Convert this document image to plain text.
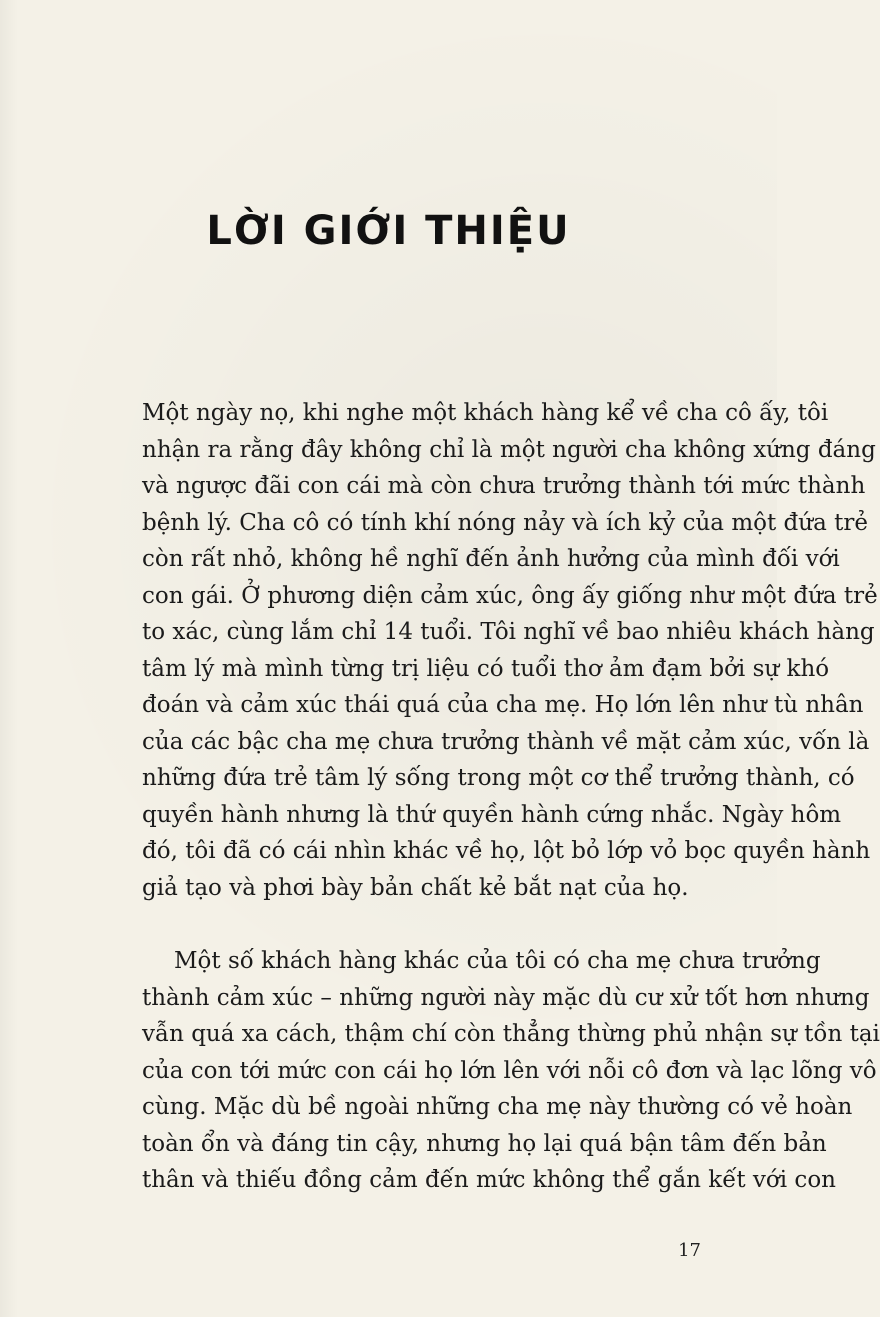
LỜI GIỚI THIỆU
Một ngày nọ, khi nghe một khách hàng kể về cha cô ấy, tôi
nhận ra rằng đây không chỉ là một người cha không xứng đáng
và ngược đãi con cái mà còn chưa trưởng thành tới mức thành
bệnh lý. Cha cô có tính khí nóng nảy và ích kỷ của một đứa trẻ
còn rất nhỏ, không hề nghĩ đến ảnh hưởng của mình đối với
con gái. Ở phương diện cảm xúc, ông ấy giống như một đứa trẻ
to xác, cùng lắm chỉ 14 tuổi. Tôi nghĩ về bao nhiêu khách hàng
tâm lý mà mình từng trị liệu có tuổi thơ ảm đạm bởi sự khó
đoán và cảm xúc thái quá của cha mẹ. Họ lớn lên như tù nhân
của các bậc cha mẹ chưa trưởng thành về mặt cảm xúc, vốn là
những đứa trẻ tâm lý sống trong một cơ thể trưởng thành, có
quyền hành nhưng là thứ quyền hành cứng nhắc. Ngày hôm
đó, tôi đã có cái nhìn khác về họ, lột bỏ lớp vỏ bọc quyền hành
giả tạo và phơi bày bản chất kẻ bắt nạt của họ.
Một số khách hàng khác của tôi có cha mẹ chưa trưởng
thành cảm xúc – những người này mặc dù cư xử tốt hơn nhưng
vẫn quá xa cách, thậm chí còn thẳng thừng phủ nhận sự tồn tại
của con tới mức con cái họ lớn lên với nỗi cô đơn và lạc lõng vô
cùng. Mặc dù bề ngoài những cha mẹ này thường có vẻ hoàn
toàn ổn và đáng tin cậy, nhưng họ lại quá bận tâm đến bản
thân và thiếu đồng cảm đến mức không thể gắn kết với con
17
